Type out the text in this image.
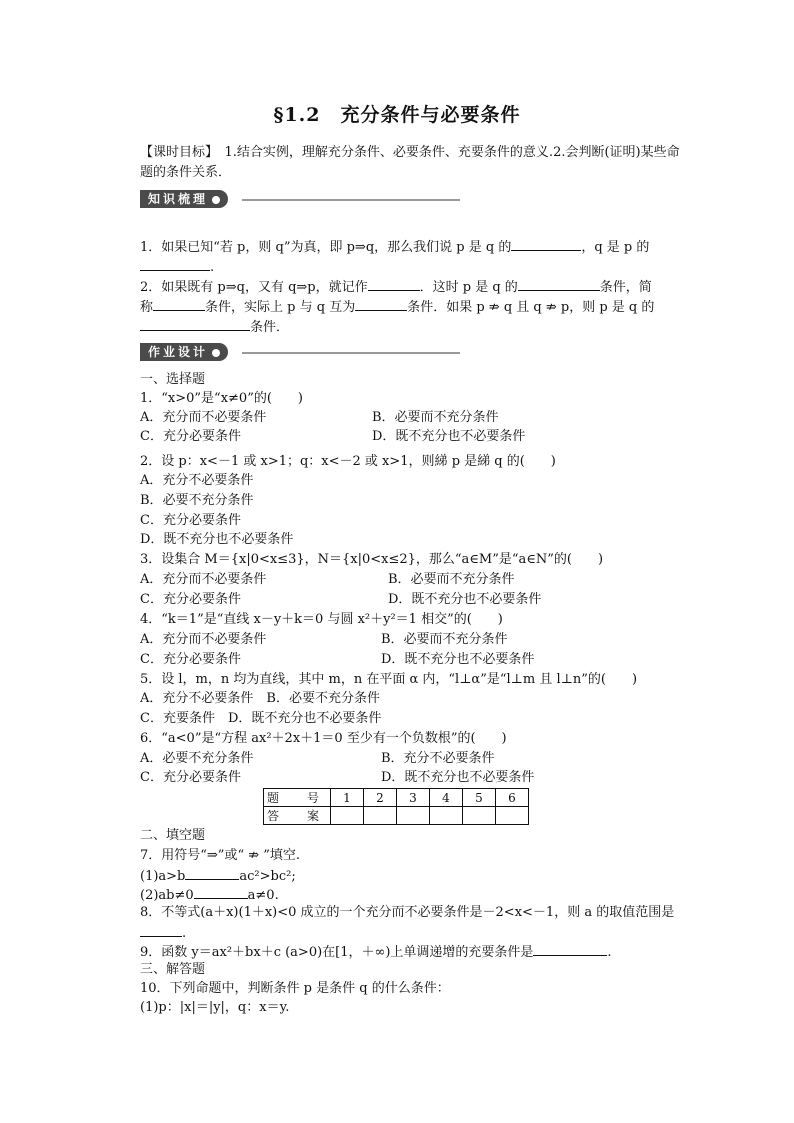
§1.2　充分条件与必要条件
【课时目标】　 1.结合实例，理解充分条件、必要条件、充要条件的意义.2.会判断(证明)某些命题的条件关系．
知识梳理
1．如果已知“若 p，则 q”为真，即 p⇒q，那么我们说 p 是 q 的	，q 是 p 的
.
2．如果既有 p⇒q，又有 q⇒p，就记作	．这时 p 是 q 的	条件，简
称	条件，实际上 p 与 q 互为	条件．如果 p ⇏ q 且 q ⇏ p，则 p 是 q 的
条件．
作业设计
一、选择题
1．“x>0”是“x≠0”的(　　)
A．充分而不必要条件	B．必要而不充分条件
C．充分必要条件	D．既不充分也不必要条件
2．设 p：x<－1 或 x>1；q：x<－2 或 x>1，则綈 p 是綈 q 的(　　)
A．充分不必要条件
B．必要不充分条件
C．充分必要条件
D．既不充分也不必要条件
3．设集合 M＝{x|0<x≤3}，N＝{x|0<x≤2}，那么“a∈M”是“a∈N”的(　　)
A．充分而不必要条件	B．必要而不充分条件
C．充分必要条件	D．既不充分也不必要条件
4．“k＝1”是“直线 x－y＋k＝0 与圆 x²＋y²＝1 相交”的(　　)
A．充分而不必要条件	B．必要而不充分条件
C．充分必要条件	D．既不充分也不必要条件
5．设 l，m，n 均为直线，其中 m，n 在平面 α 内，“l⊥α”是“l⊥m 且 l⊥n”的(　　)
A．充分不必要条件　B．必要不充分条件
C．充要条件　D．既不充分也不必要条件
6．“a<0”是“方程 ax²＋2x＋1＝0 至少有一个负数根”的(　　)
A．必要不充分条件	B．充分不必要条件
C．充分必要条件	D．既不充分也不必要条件
题　号	1	2	3	4	5	6
答　案						
二、填空题
7．用符号“⇒”或“ ⇏ ”填空.
(1)a>b	ac²>bc²;
(2)ab≠0	a≠0.
8．不等式(a＋x)(1＋x)<0 成立的一个充分而不必要条件是－2<x<－1，则 a 的取值范围是
.
9．函数 y＝ax²＋bx＋c (a>0)在[1，＋∞)上单调递增的充要条件是	.
三、解答题
10．下列命题中，判断条件 p 是条件 q 的什么条件：
(1)p：|x|＝|y|，q：x＝y.
